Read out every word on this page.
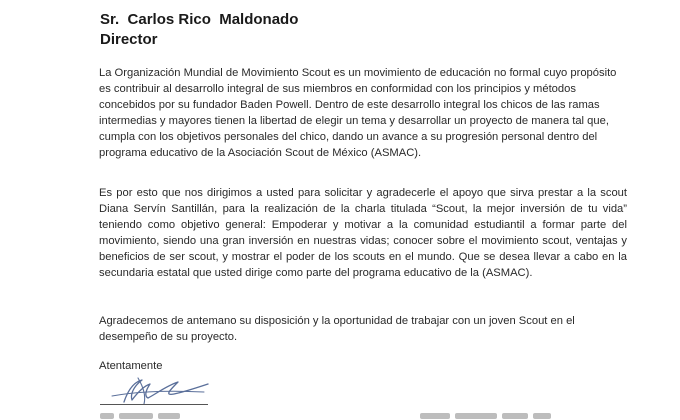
Sr.  Carlos Rico  Maldonado
Director

La Organización Mundial de Movimiento Scout es un movimiento de educación no formal cuyo propósito es contribuir al desarrollo integral de sus miembros en conformidad con los principios y métodos concebidos por su fundador Baden Powell. Dentro de este desarrollo integral los chicos de las ramas intermedias y mayores tienen la libertad de elegir un tema y desarrollar un proyecto de manera tal que, cumpla con los objetivos personales del chico, dando un avance a su progresión personal dentro del programa educativo de la Asociación Scout de México (ASMAC).

Es por esto que nos dirigimos a usted para solicitar y agradecerle el apoyo que sirva prestar a la scout Diana Servín Santillán, para la realización de la charla titulada “Scout, la mejor inversión de tu vida” teniendo como objetivo general: Empoderar y motivar a la comunidad estudiantil a formar parte del movimiento, siendo una gran inversión en nuestras vidas; conocer sobre el movimiento scout, ventajas y beneficios de ser scout, y mostrar el poder de los scouts en el mundo. Que se desea llevar a cabo en la secundaria estatal que usted dirige como parte del programa educativo de la (ASMAC).

Agradecemos de antemano su disposición y la oportunidad de trabajar con un joven Scout en el desempeño de su proyecto.

Atentamente
